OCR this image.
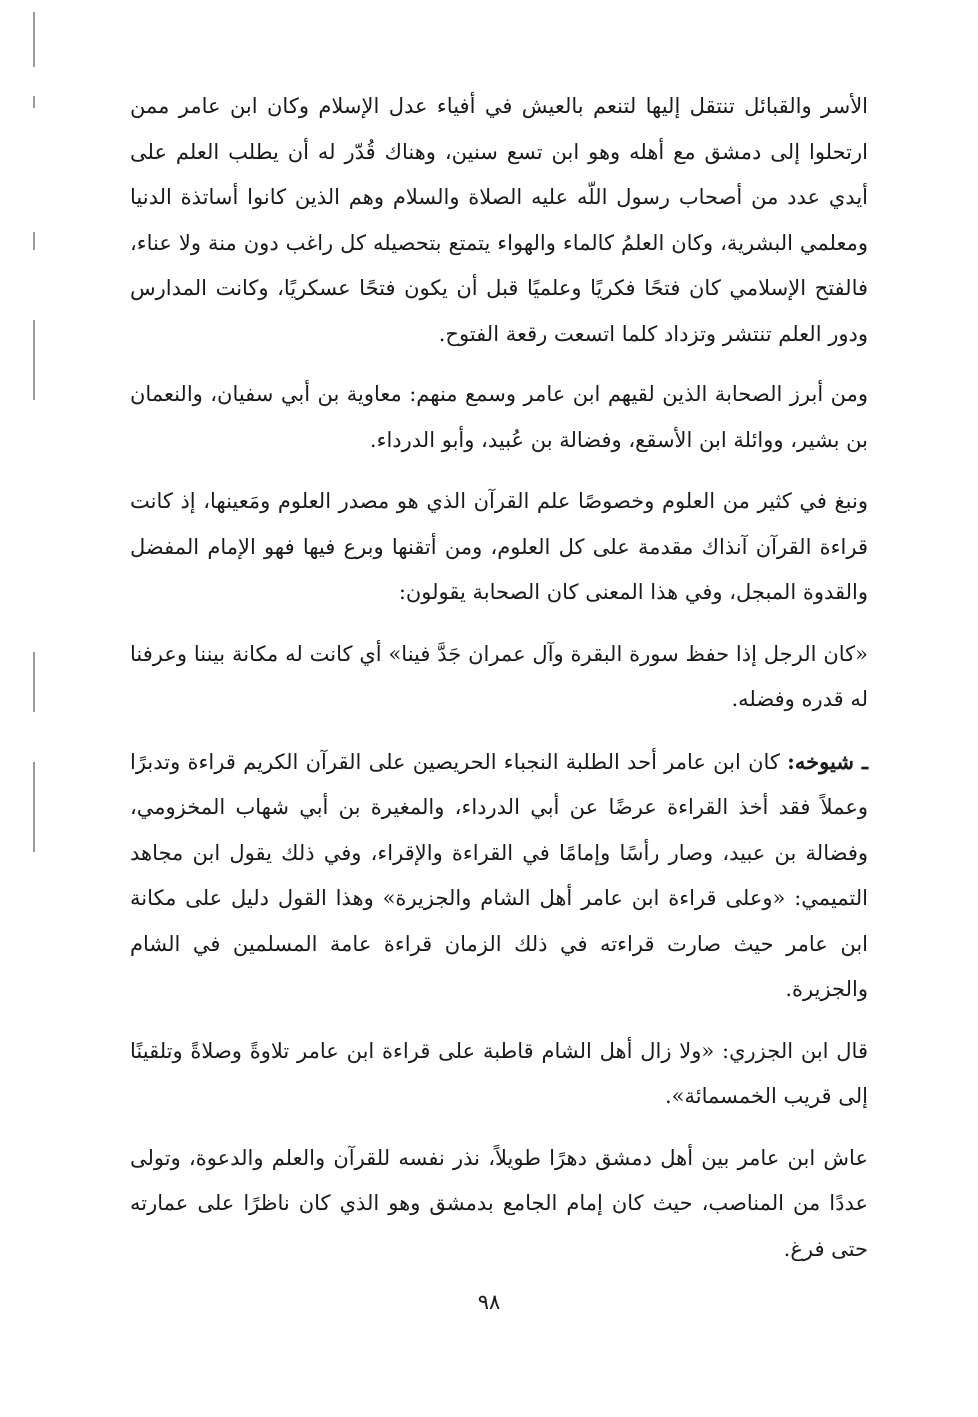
الأسر والقبائل تنتقل إليها لتنعم بالعيش في أفياء عدل الإسلام وكان ابن عامر ممن ارتحلوا إلى دمشق مع أهله وهو ابن تسع سنين، وهناك قُدّر له أن يطلب العلم على أيدي عدد من أصحاب رسول اللّه عليه الصلاة والسلام وهم الذين كانوا أساتذة الدنيا ومعلمي البشرية، وكان العلمُ كالماء والهواء يتمتع بتحصيله كل راغب دون منة ولا عناء، فالفتح الإسلامي كان فتحًا فكريًا وعلميًا قبل أن يكون فتحًا عسكريًا، وكانت المدارس ودور العلم تنتشر وتزداد كلما اتسعت رقعة الفتوح.

ومن أبرز الصحابة الذين لقيهم ابن عامر وسمع منهم: معاوية بن أبي سفيان، والنعمان بن بشير، ووائلة ابن الأسقع، وفضالة بن عُبيد، وأبو الدرداء.

ونبغ في كثير من العلوم وخصوصًا علم القرآن الذي هو مصدر العلوم ومَعينها، إذ كانت قراءة القرآن آنذاك مقدمة على كل العلوم، ومن أتقنها وبرع فيها فهو الإمام المفضل والقدوة المبجل، وفي هذا المعنى كان الصحابة يقولون:

«كان الرجل إذا حفظ سورة البقرة وآل عمران جَدَّ فينا» أي كانت له مكانة بيننا وعرفنا له قدره وفضله.

ـ شيوخه: كان ابن عامر أحد الطلبة النجباء الحريصين على القرآن الكريم قراءة وتدبرًا وعملاً فقد أخذ القراءة عرضًا عن أبي الدرداء، والمغيرة بن أبي شهاب المخزومي، وفضالة بن عبيد، وصار رأسًا وإمامًا في القراءة والإقراء، وفي ذلك يقول ابن مجاهد التميمي: «وعلى قراءة ابن عامر أهل الشام والجزيرة» وهذا القول دليل على مكانة ابن عامر حيث صارت قراءته في ذلك الزمان قراءة عامة المسلمين في الشام والجزيرة.

قال ابن الجزري: «ولا زال أهل الشام قاطبة على قراءة ابن عامر تلاوةً وصلاةً وتلقينًا إلى قريب الخمسمائة».

عاش ابن عامر بين أهل دمشق دهرًا طويلاً، نذر نفسه للقرآن والعلم والدعوة، وتولى عددًا من المناصب، حيث كان إمام الجامع بدمشق وهو الذي كان ناظرًا على عمارته حتى فرغ.

٩٨
